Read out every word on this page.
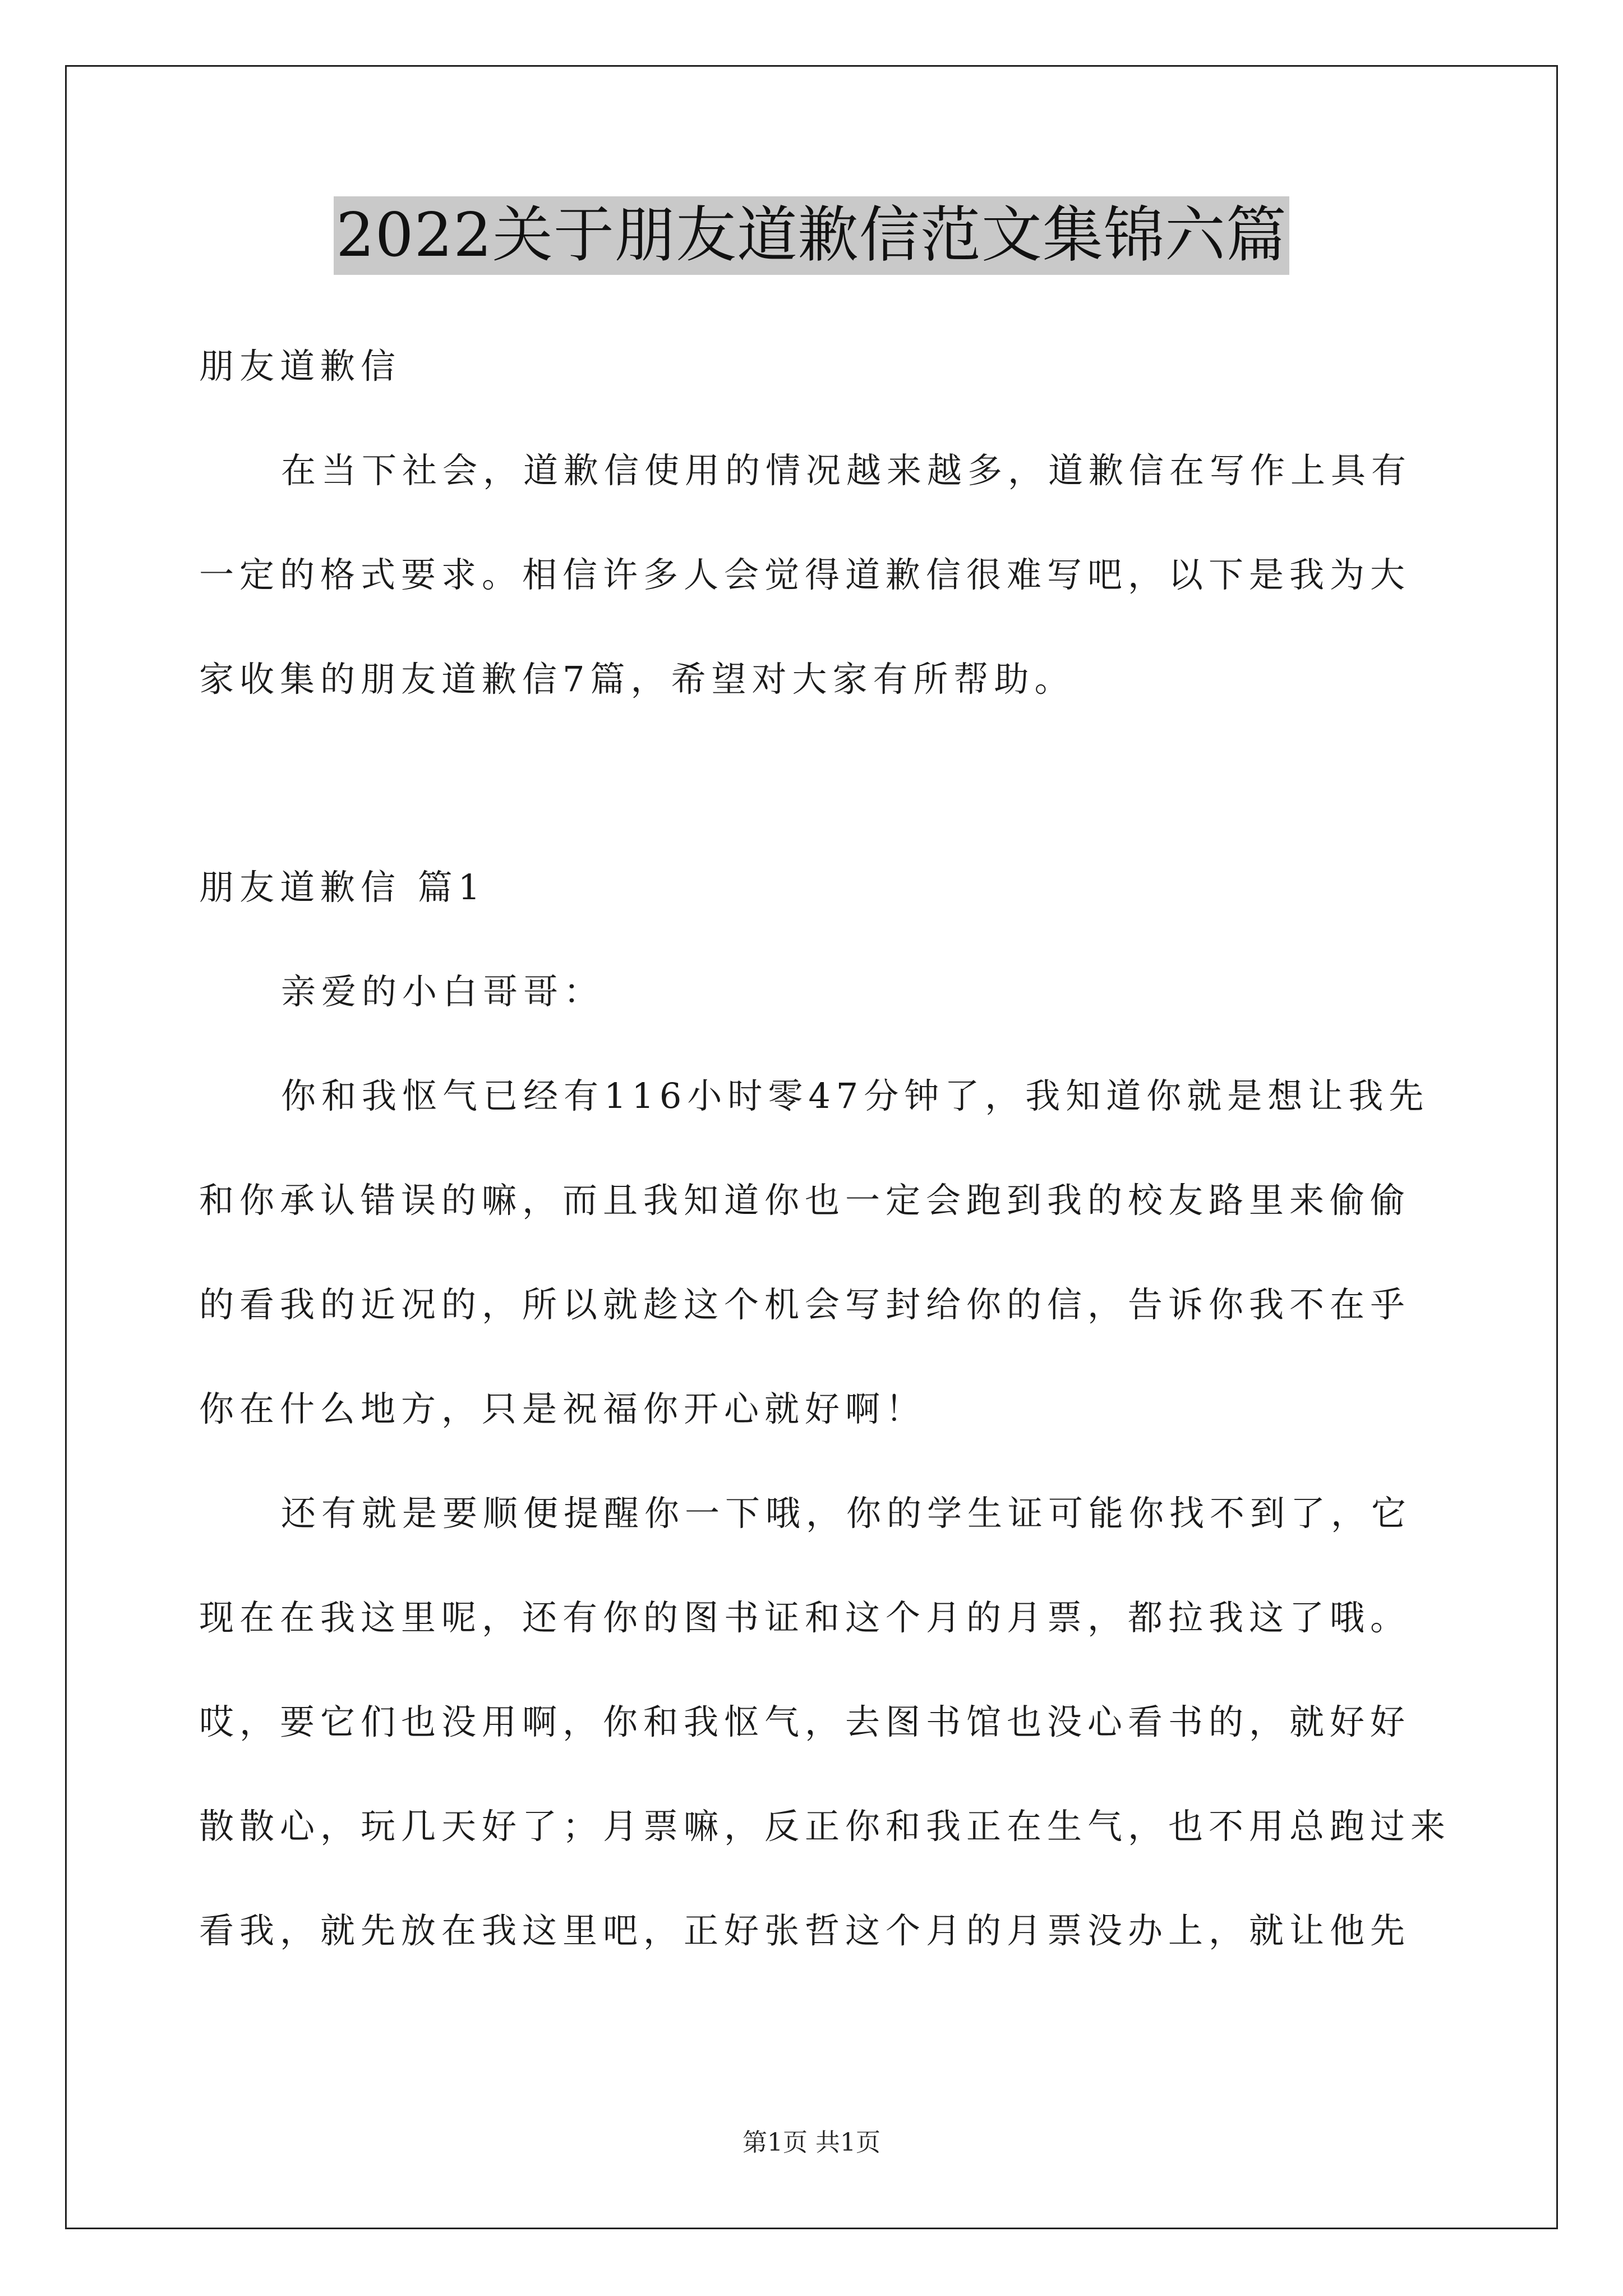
2022关于朋友道歉信范文集锦六篇
朋友道歉信
在当下社会，道歉信使用的情况越来越多，道歉信在写作上具有
一定的格式要求。相信许多人会觉得道歉信很难写吧，以下是我为大
家收集的朋友道歉信7篇，希望对大家有所帮助。
朋友道歉信 篇1
亲爱的小白哥哥：
你和我怄气已经有116小时零47分钟了，我知道你就是想让我先
和你承认错误的嘛，而且我知道你也一定会跑到我的校友路里来偷偷
的看我的近况的，所以就趁这个机会写封给你的信，告诉你我不在乎
你在什么地方，只是祝福你开心就好啊！
还有就是要顺便提醒你一下哦，你的学生证可能你找不到了，它
现在在我这里呢，还有你的图书证和这个月的月票，都拉我这了哦。
哎，要它们也没用啊，你和我怄气，去图书馆也没心看书的，就好好
散散心，玩几天好了；月票嘛，反正你和我正在生气，也不用总跑过来
看我，就先放在我这里吧，正好张哲这个月的月票没办上，就让他先
第1页 共1页
